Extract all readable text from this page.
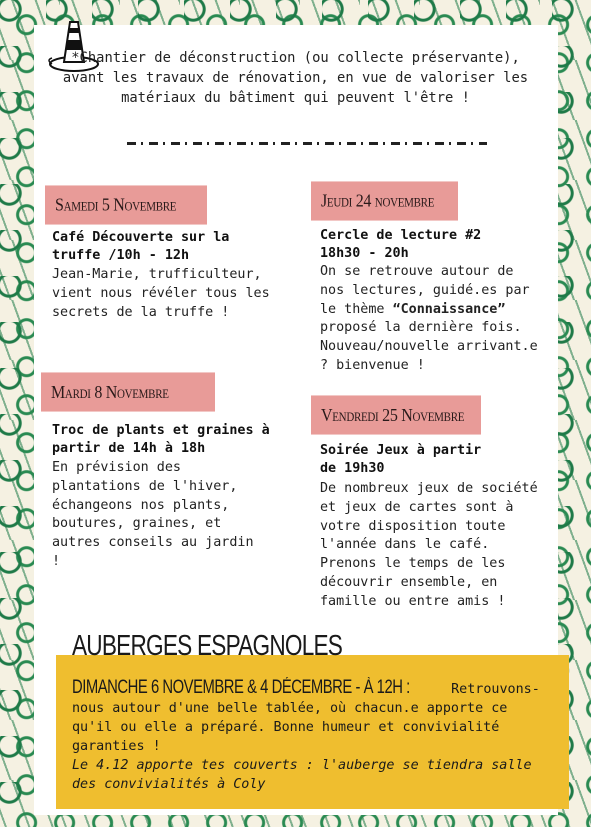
*Chantier de déconstruction (ou collecte préservante), avant les travaux de rénovation, en vue de valoriser les matériaux du bâtiment qui peuvent l'être !
Samedi 5 Novembre
Café Découverte sur la truffe /10h - 12h
Jean-Marie, trufficulteur, vient nous révéler tous les secrets de la truffe !
Jeudi 24 novembre
Cercle de lecture #2 18h30 - 20h
On se retrouve autour de nos lectures, guidé.es par le thème “Connaissance” proposé la dernière fois. Nouveau/nouvelle arrivant.e ? bienvenue !
Mardi 8 Novembre
Troc de plants et graines à partir de 14h à 18h
En prévision des plantations de l'hiver, échangeons nos plants, boutures, graines, et autres conseils au jardin !
Vendredi 25 Novembre
Soirée Jeux à partir de 19h30
De nombreux jeux de société et jeux de cartes sont à votre disposition toute l'année dans le café. Prenons le temps de les découvrir ensemble, en famille ou entre amis !
AUBERGES ESPAGNOLES
DIMANCHE 6 NOVEMBRE & 4 DÉCEMBRE - À 12H : Retrouvons-nous autour d'une belle tablée, où chacun.e apporte ce qu'il ou elle a préparé. Bonne humeur et convivialité garanties !
Le 4.12 apporte tes couverts : l'auberge se tiendra salle des convivialités à Coly
